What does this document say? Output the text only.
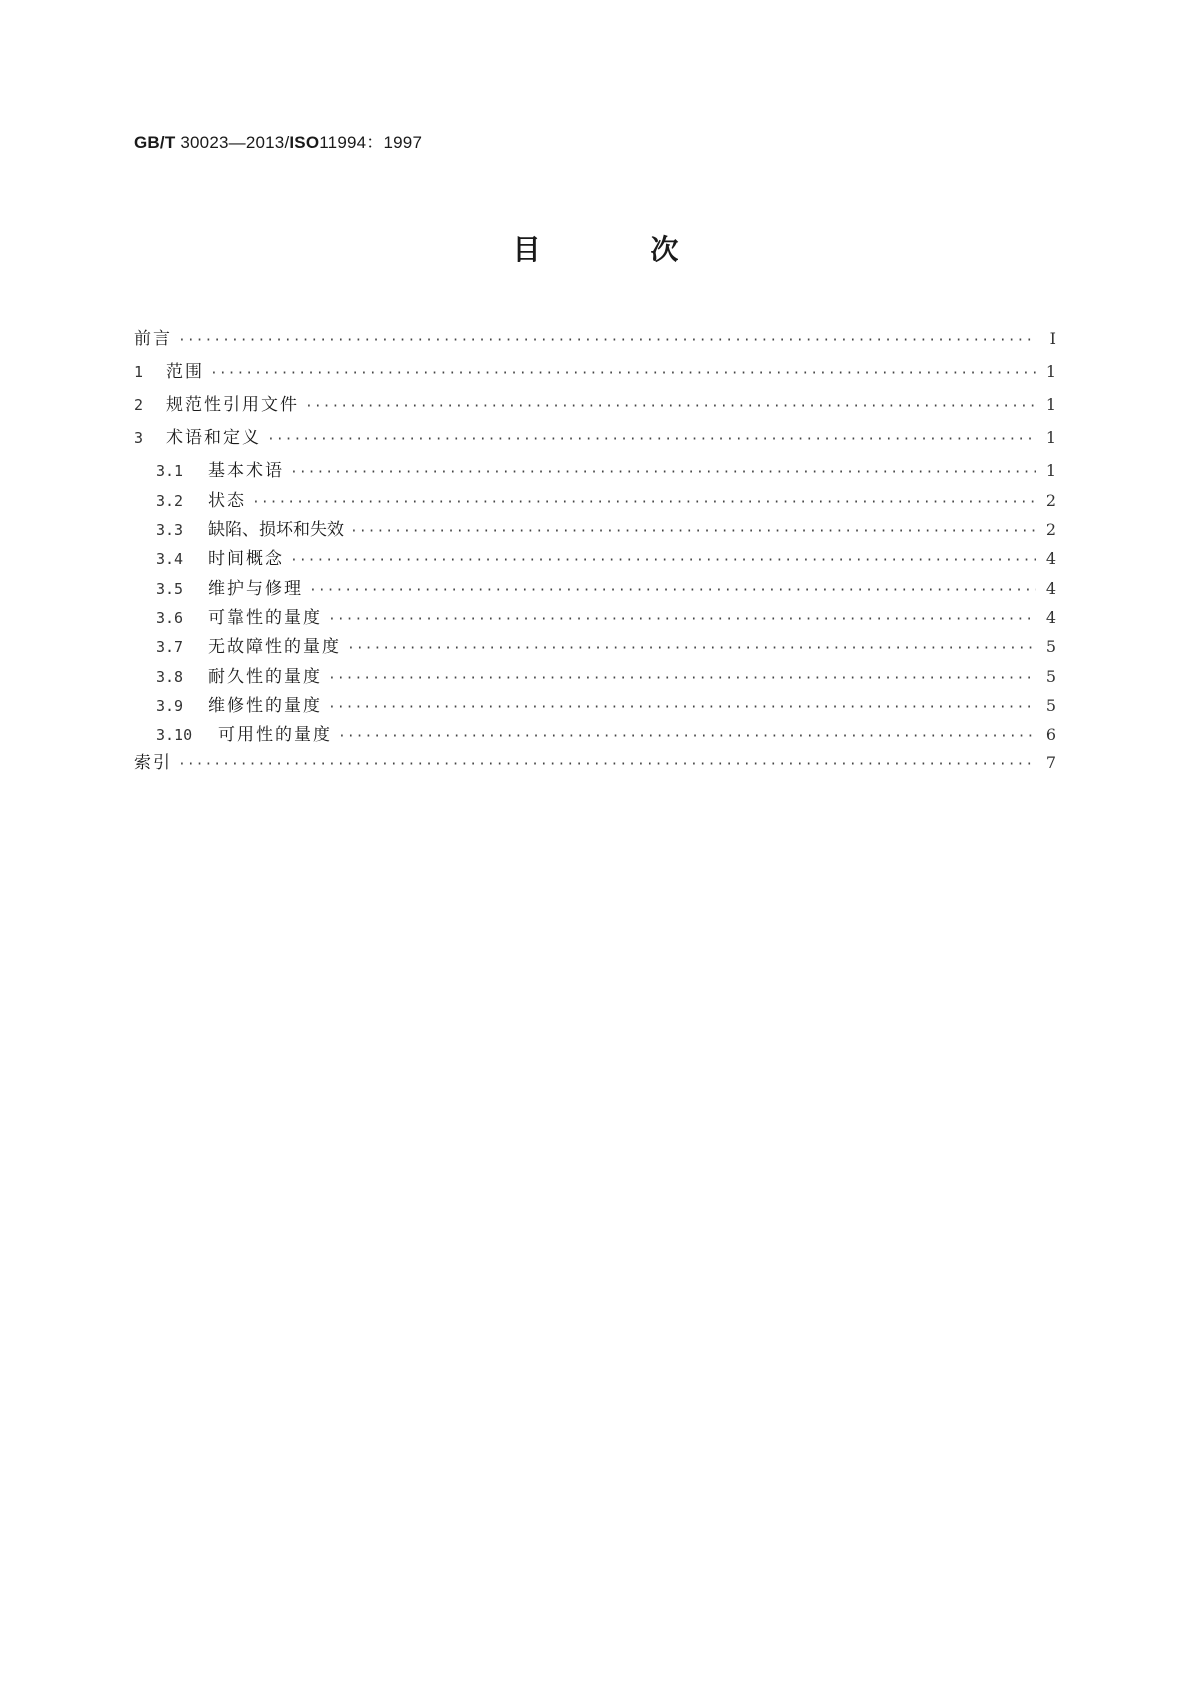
GB/T 30023—2013/ISO11994：1997
目 次
前言 ·····	Ⅰ
1	范围 ·····	1
2	规范性引用文件 ·····	1
3	术语和定义 ·····	1
3.1	基本术语 ·····	1
3.2	状态 ·····	2
3.3	缺陷、损坏和失效 ·····	2
3.4	时间概念 ·····	4
3.5	维护与修理 ·····	4
3.6	可靠性的量度 ·····	4
3.7	无故障性的量度 ·····	5
3.8	耐久性的量度 ·····	5
3.9	维修性的量度 ·····	5
3.10	可用性的量度 ·····	6
索引 ·····	7
